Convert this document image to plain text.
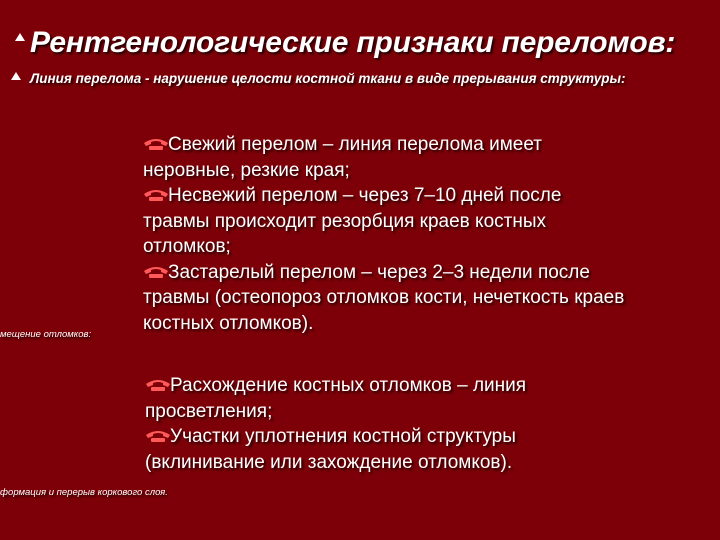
Рентгенологические признаки переломов:
Линия перелома - нарушение целости костной ткани в виде прерывания структуры:
мещение отломков:
формация и перерыв коркового слоя.
Свежий перелом – линия перелома имеет
неровные, резкие края;
Несвежий перелом – через 7–10 дней после
травмы происходит резорбция краев костных
отломков;
Застарелый перелом – через 2–3 недели после
травмы (остеопороз отломков кости, нечеткость краев
костных отломков).
Расхождение костных отломков – линия
просветления;
Участки уплотнения костной структуры
(вклинивание или захождение отломков).
